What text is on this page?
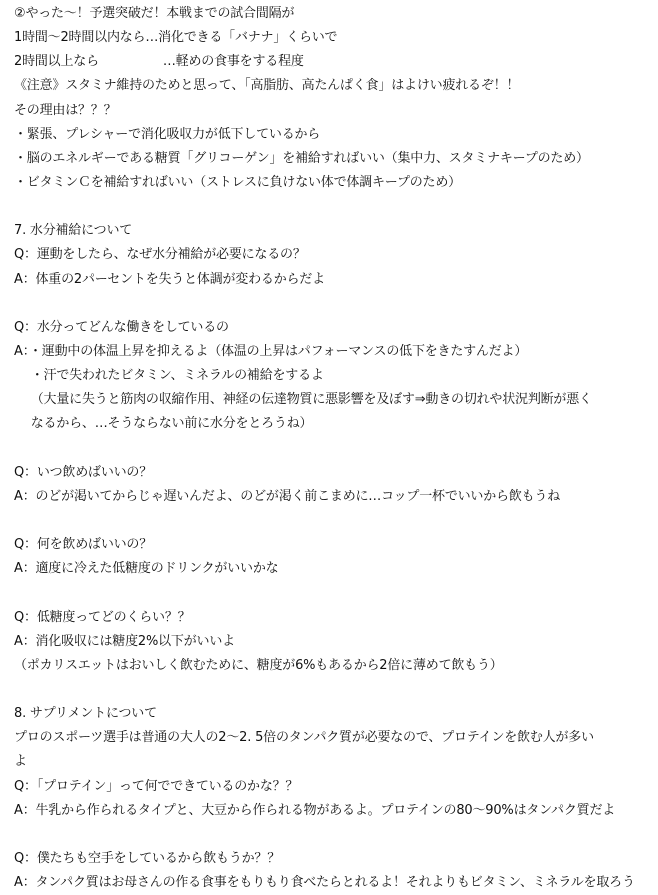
②やった～！予選突破だ！本戦までの試合間隔が
1時間～2時間以内なら…消化できる「バナナ」くらいで
2時間以上なら　　　　　…軽めの食事をする程度
《注意》スタミナ維持のためと思って、「高脂肪、高たんぱく食」はよけい疲れるぞ！！
その理由は？？？
・緊張、プレシャーで消化吸収力が低下しているから
・脳のエネルギーである糖質「グリコーゲン」を補給すればいい（集中力、スタミナキープのため）
・ビタミンＣを補給すればいい（ストレスに負けない体で体調キープのため）
7. 水分補給について
Q：運動をしたら、なぜ水分補給が必要になるの？
A：体重の2パーセントを失うと体調が変わるからだよ
Q：水分ってどんな働きをしているの
A：・運動中の体温上昇を抑えるよ（体温の上昇はパフォーマンスの低下をきたすんだよ）
　 ・汗で失われたビタミン、ミネラルの補給をするよ
　 （大量に失うと筋肉の収縮作用、神経の伝達物質に悪影響を及ぼす⇒動きの切れや状況判断が悪く
　 なるから、…そうならない前に水分をとろうね）
Q：いつ飲めばいいの？
A：のどが渇いてからじゃ遅いんだよ、のどが渇く前こまめに…コップ一杯でいいから飲もうね
Q：何を飲めばいいの？
A：適度に冷えた低糖度のドリンクがいいかな
Q：低糖度ってどのくらい？？
A：消化吸収には糖度2%以下がいいよ
（ポカリスエットはおいしく飲むために、糖度が6%もあるから2倍に薄めて飲もう）
8. サプリメントについて
プロのスポーツ選手は普通の大人の2～2. 5倍のタンパク質が必要なので、プロテインを飲む人が多い
よ
Q：「プロテイン」って何でできているのかな？？
A：牛乳から作られるタイプと、大豆から作られる物があるよ。プロテインの80～90%はタンパク質だよ
Q：僕たちも空手をしているから飲もうか？？
A：タンパク質はお母さんの作る食事をもりもり食べたらとれるよ！それよりもビタミン、ミネラルを取ろう
